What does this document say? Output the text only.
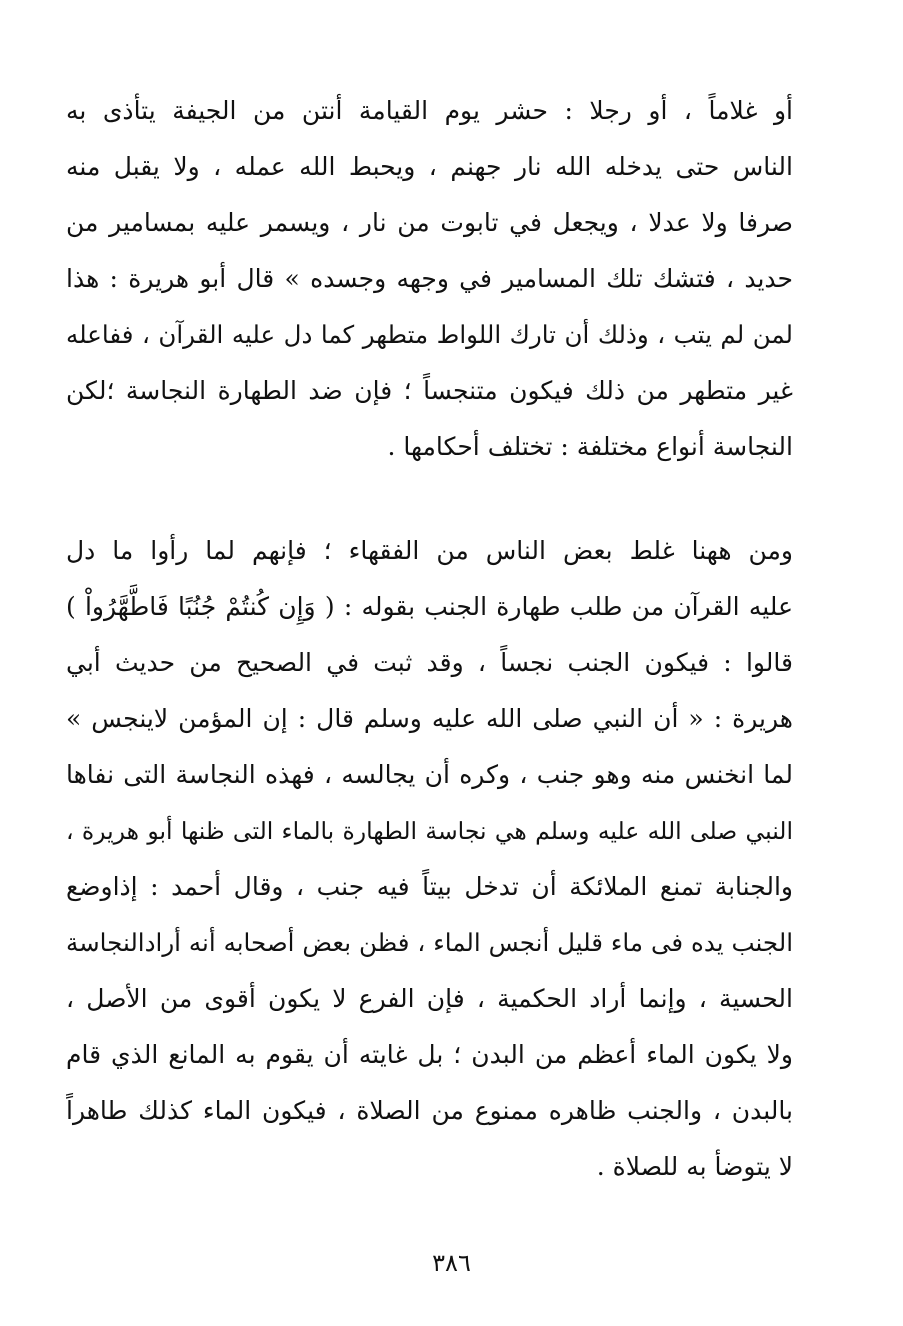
أو غلاماً ، أو رجلا : حشر يوم القيامة أنتن من الجيفة يتأذى به
الناس حتى يدخله الله نار جهنم ، ويحبط الله عمله ، ولا يقبل منه
صرفا ولا عدلا ، ويجعل في تابوت من نار ، ويسمر عليه بمسامير من
حديد ، فتشك تلك المسامير في وجهه وجسده » قال أبو هريرة : هذا
لمن لم يتب ، وذلك أن تارك اللواط متطهر كما دل عليه القرآن ، ففاعله
غير متطهر من ذلك فيكون متنجساً ؛ فإن ضد الطهارة النجاسة ؛لكن
النجاسة أنواع مختلفة : تختلف أحكامها .
ومن ههنا غلط بعض الناس من الفقهاء ؛ فإنهم لما رأوا ما دل
عليه القرآن من طلب طهارة الجنب بقوله : ( وَإِن كُنتُمْ جُنُبًا فَاطَّهَّرُواْ )
قالوا : فيكون الجنب نجساً ، وقد ثبت في الصحيح من حديث أبي
هريرة : « أن النبي صلى الله عليه وسلم قال : إن المؤمن لاينجس »
لما انخنس منه وهو جنب ، وكره أن يجالسه ، فهذه النجاسة التى نفاها
النبي صلى الله عليه وسلم هي نجاسة الطهارة بالماء التى ظنها أبو هريرة ،
والجنابة تمنع الملائكة أن تدخل بيتاً فيه جنب ، وقال أحمد : إذاوضع
الجنب يده فى ماء قليل أنجس الماء ، فظن بعض أصحابه أنه أرادالنجاسة
الحسية ، وإنما أراد الحكمية ، فإن الفرع لا يكون أقوى من الأصل ،
ولا يكون الماء أعظم من البدن ؛ بل غايته أن يقوم به المانع الذي قام
بالبدن ، والجنب ظاهره ممنوع من الصلاة ، فيكون الماء كذلك طاهراً
لا يتوضأ به للصلاة .
٣٨٦
